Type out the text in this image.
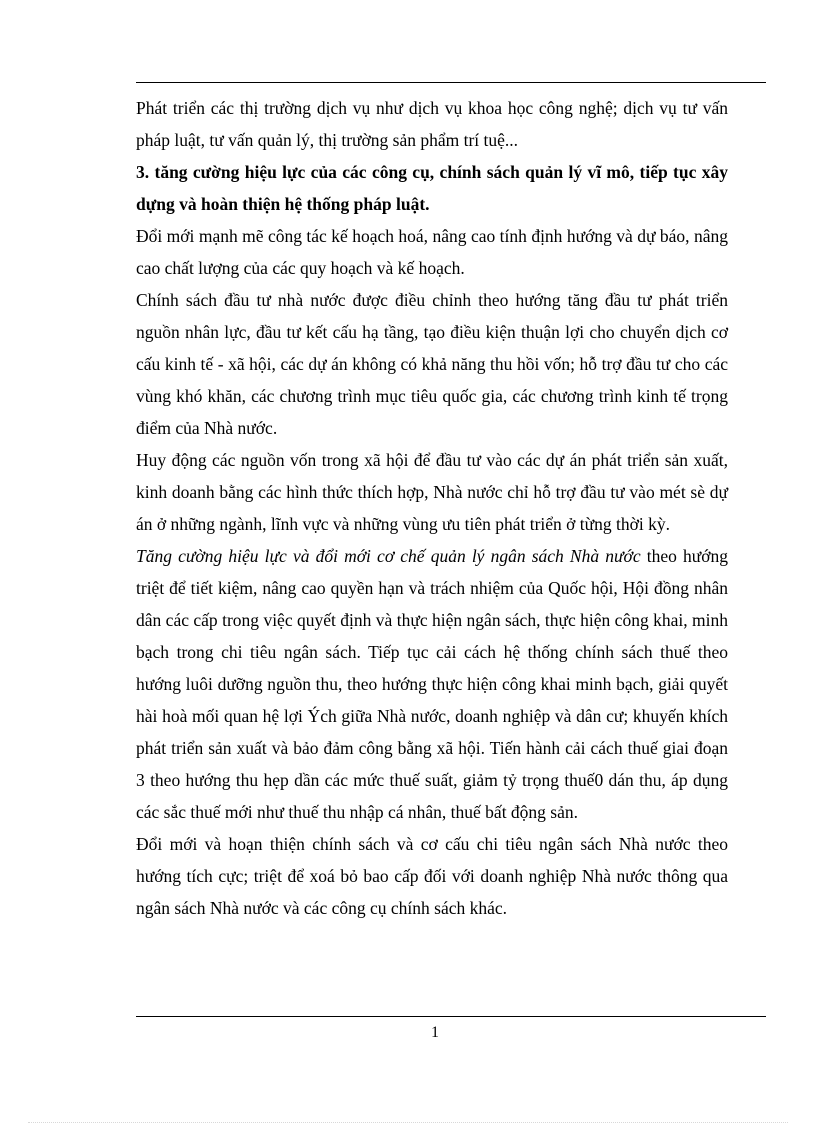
Phát triển các thị trường dịch vụ như dịch vụ khoa học công nghệ; dịch vụ tư vấn pháp luật, tư vấn quản lý, thị trường sản phẩm trí tuệ...

3. tăng cường hiệu lực của các công cụ, chính sách quản lý vĩ mô, tiếp tục xây dựng và hoàn thiện hệ thống pháp luật.

Đổi mới mạnh mẽ công tác kế hoạch hoá, nâng cao tính định hướng và dự báo, nâng cao chất lượng của các quy hoạch và kế hoạch.

Chính sách đầu tư nhà nước được điều chỉnh theo hướng tăng đầu tư phát triển nguồn nhân lực, đầu tư kết cấu hạ tầng, tạo điều kiện thuận lợi cho chuyển dịch cơ cấu kinh tế - xã hội, các dự án không có khả năng thu hồi vốn; hỗ trợ đầu tư cho các vùng khó khăn, các chương trình mục tiêu quốc gia, các chương trình kinh tế trọng điểm của Nhà nước.

Huy động các nguồn vốn trong xã hội để đầu tư vào các dự án phát triển sản xuất, kinh doanh bằng các hình thức thích hợp, Nhà nước chỉ hỗ trợ đầu tư vào mét sè dự án ở những ngành, lĩnh vực và những vùng ưu tiên phát triển ở từng thời kỳ.

Tăng cường hiệu lực và đổi mới cơ chế quản lý ngân sách Nhà nước theo hướng triệt để tiết kiệm, nâng cao quyền hạn và trách nhiệm của Quốc hội, Hội đồng nhân dân các cấp trong việc quyết định và thực hiện ngân sách, thực hiện công khai, minh bạch trong chi tiêu ngân sách. Tiếp tục cải cách hệ thống chính sách thuế theo hướng luôi dưỡng nguồn thu, theo hướng thực hiện công khai minh bạch, giải quyết hài hoà mối quan hệ lợi Ých giữa Nhà nước, doanh nghiệp và dân cư; khuyến khích phát triển sản xuất và bảo đảm công bằng xã hội. Tiến hành cải cách thuế giai đoạn 3 theo hướng thu hẹp dần các mức thuế suất, giảm tỷ trọng thuế0 dán thu, áp dụng các sắc thuế mới như thuế thu nhập cá nhân, thuế bất động sản.

Đổi mới và hoạn thiện chính sách và cơ cấu chi tiêu ngân sách Nhà nước theo hướng tích cực; triệt để xoá bỏ bao cấp đối với doanh nghiệp Nhà nước thông qua ngân sách Nhà nước và các công cụ chính sách khác.

1
